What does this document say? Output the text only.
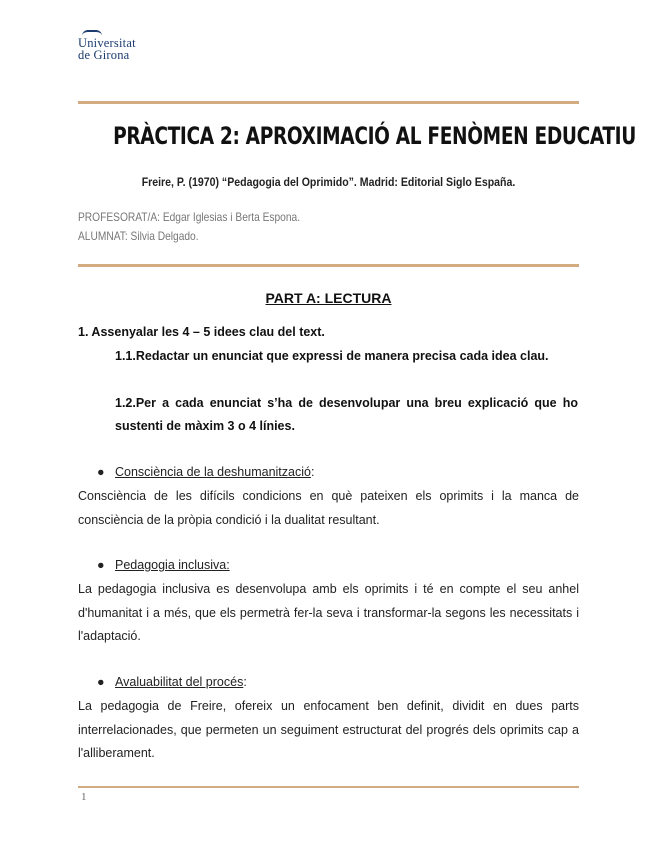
Universitat
de Girona
PRÀCTICA 2: APROXIMACIÓ AL FENÒMEN EDUCATIU
Freire, P. (1970) “Pedagogia del Oprimido”. Madrid: Editorial Siglo España.
PROFESORAT/A: Edgar Iglesias i Berta Espona.
ALUMNAT: Silvia Delgado.
PART A: LECTURA
1. Assenyalar les 4 – 5 idees clau del text.
1.1.Redactar un enunciat que expressi de manera precisa cada idea clau.
1.2.Per a cada enunciat s’ha de desenvolupar una breu explicació que ho sustenti de màxim 3 o 4 línies.
● Consciència de la deshumanització:
Consciència de les difícils condicions en què pateixen els oprimits i la manca de consciència de la pròpia condició i la dualitat resultant.
● Pedagogia inclusiva:
La pedagogia inclusiva es desenvolupa amb els oprimits i té en compte el seu anhel d'humanitat i a més, que els permetrà fer-la seva i transformar-la segons les necessitats i l'adaptació.
● Avaluabilitat del procés:
La pedagogia de Freire, ofereix un enfocament ben definit, dividit en dues parts interrelacionades, que permeten un seguiment estructurat del progrés dels oprimits cap a l'alliberament.
1
